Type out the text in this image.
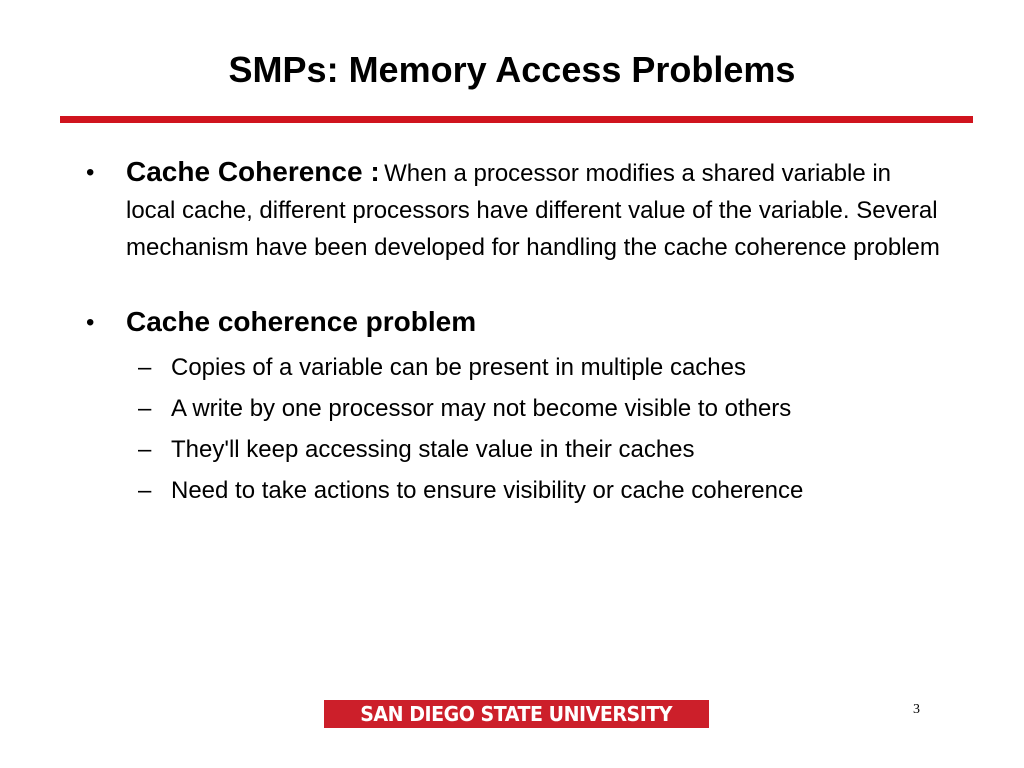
SMPs: Memory Access Problems
• Cache Coherence : When a processor modifies a shared variable in local cache, different processors have different value of the variable. Several mechanism have been developed for handling the cache coherence problem

• Cache coherence problem

– Copies of a variable can be present in multiple caches

– A write by one processor may not become visible to others

– They'll keep accessing stale value in their caches

– Need to take actions to ensure visibility or cache coherence

SAN DIEGO STATE UNIVERSITY	3
